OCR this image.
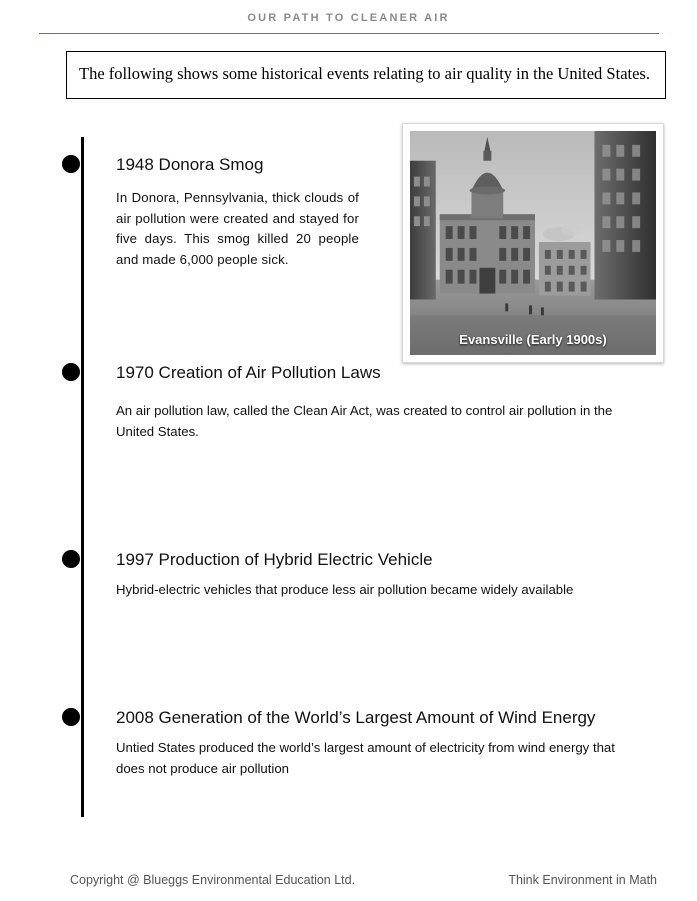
OUR PATH TO CLEANER AIR
The following shows some historical events relating to air quality in the United States.
1948 Donora Smog
In Donora, Pennsylvania, thick clouds of air pollution were created and stayed for five days. This smog killed 20 people and made 6,000 people sick.
1970 Creation of Air Pollution Laws
An air pollution law, called the Clean Air Act, was created to control air pollution in the United States.
1997 Production of Hybrid Electric Vehicle
Hybrid-electric vehicles that produce less air pollution became widely available
2008 Generation of the World’s Largest Amount of Wind Energy
Untied States produced the world’s largest amount of electricity from wind energy that does not produce air pollution
Evansville (Early 1900s)
Copyright @ Blueggs Environmental Education Ltd.	Think Environment in Math
